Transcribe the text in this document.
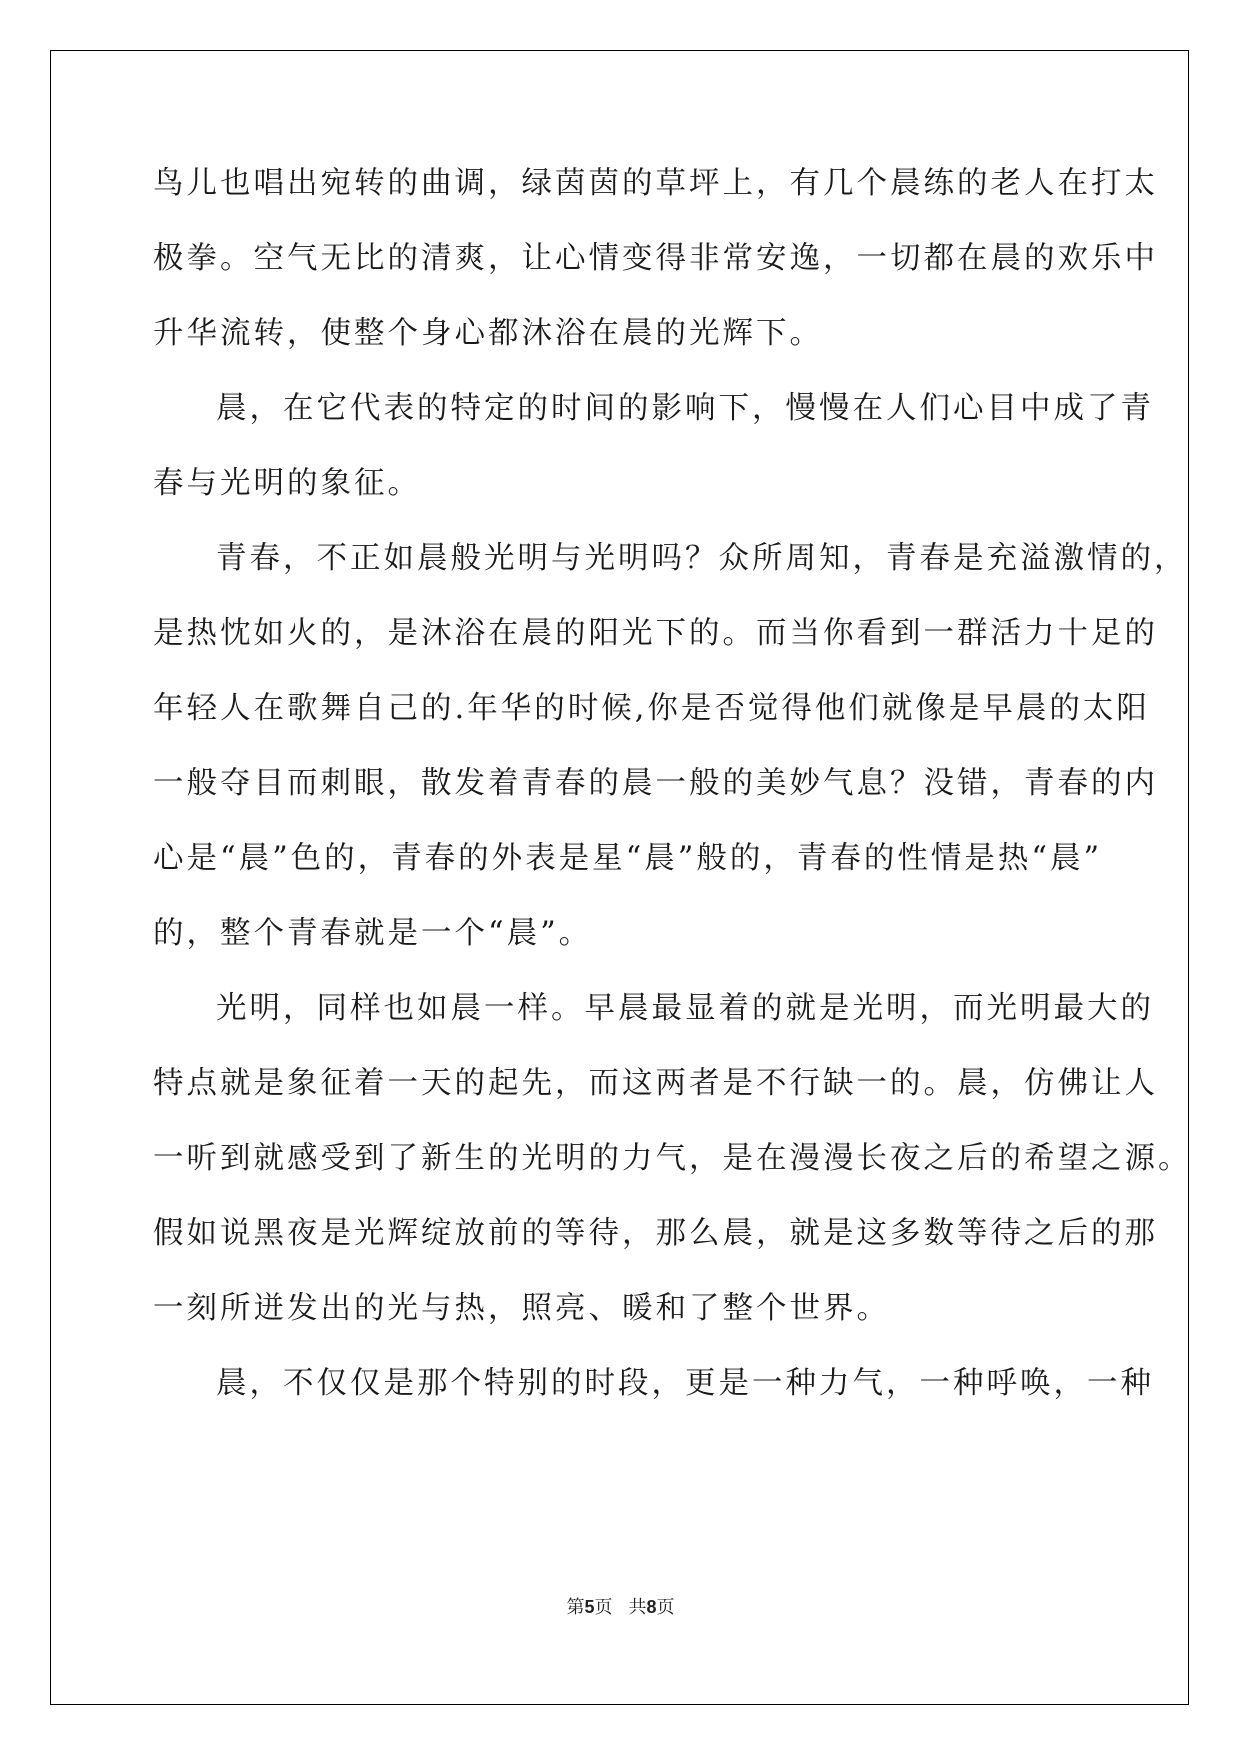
鸟儿也唱出宛转的曲调，绿茵茵的草坪上，有几个晨练的老人在打太
极拳。空气无比的清爽，让心情变得非常安逸，一切都在晨的欢乐中
升华流转，使整个身心都沐浴在晨的光辉下。
晨，在它代表的特定的时间的影响下，慢慢在人们心目中成了青
春与光明的象征。
青春，不正如晨般光明与光明吗？众所周知，青春是充溢激情的，
是热忱如火的，是沐浴在晨的阳光下的。而当你看到一群活力十足的
年轻人在歌舞自己的.年华的时候,你是否觉得他们就像是早晨的太阳
一般夺目而刺眼，散发着青春的晨一般的美妙气息？没错，青春的内
心是“晨”色的，青春的外表是星“晨”般的，青春的性情是热“晨”
的，整个青春就是一个“晨”。
光明，同样也如晨一样。早晨最显着的就是光明，而光明最大的
特点就是象征着一天的起先，而这两者是不行缺一的。晨，仿佛让人
一听到就感受到了新生的光明的力气，是在漫漫长夜之后的希望之源。
假如说黑夜是光辉绽放前的等待，那么晨，就是这多数等待之后的那
一刻所迸发出的光与热，照亮、暖和了整个世界。
晨，不仅仅是那个特别的时段，更是一种力气，一种呼唤，一种
第5页 共8页
